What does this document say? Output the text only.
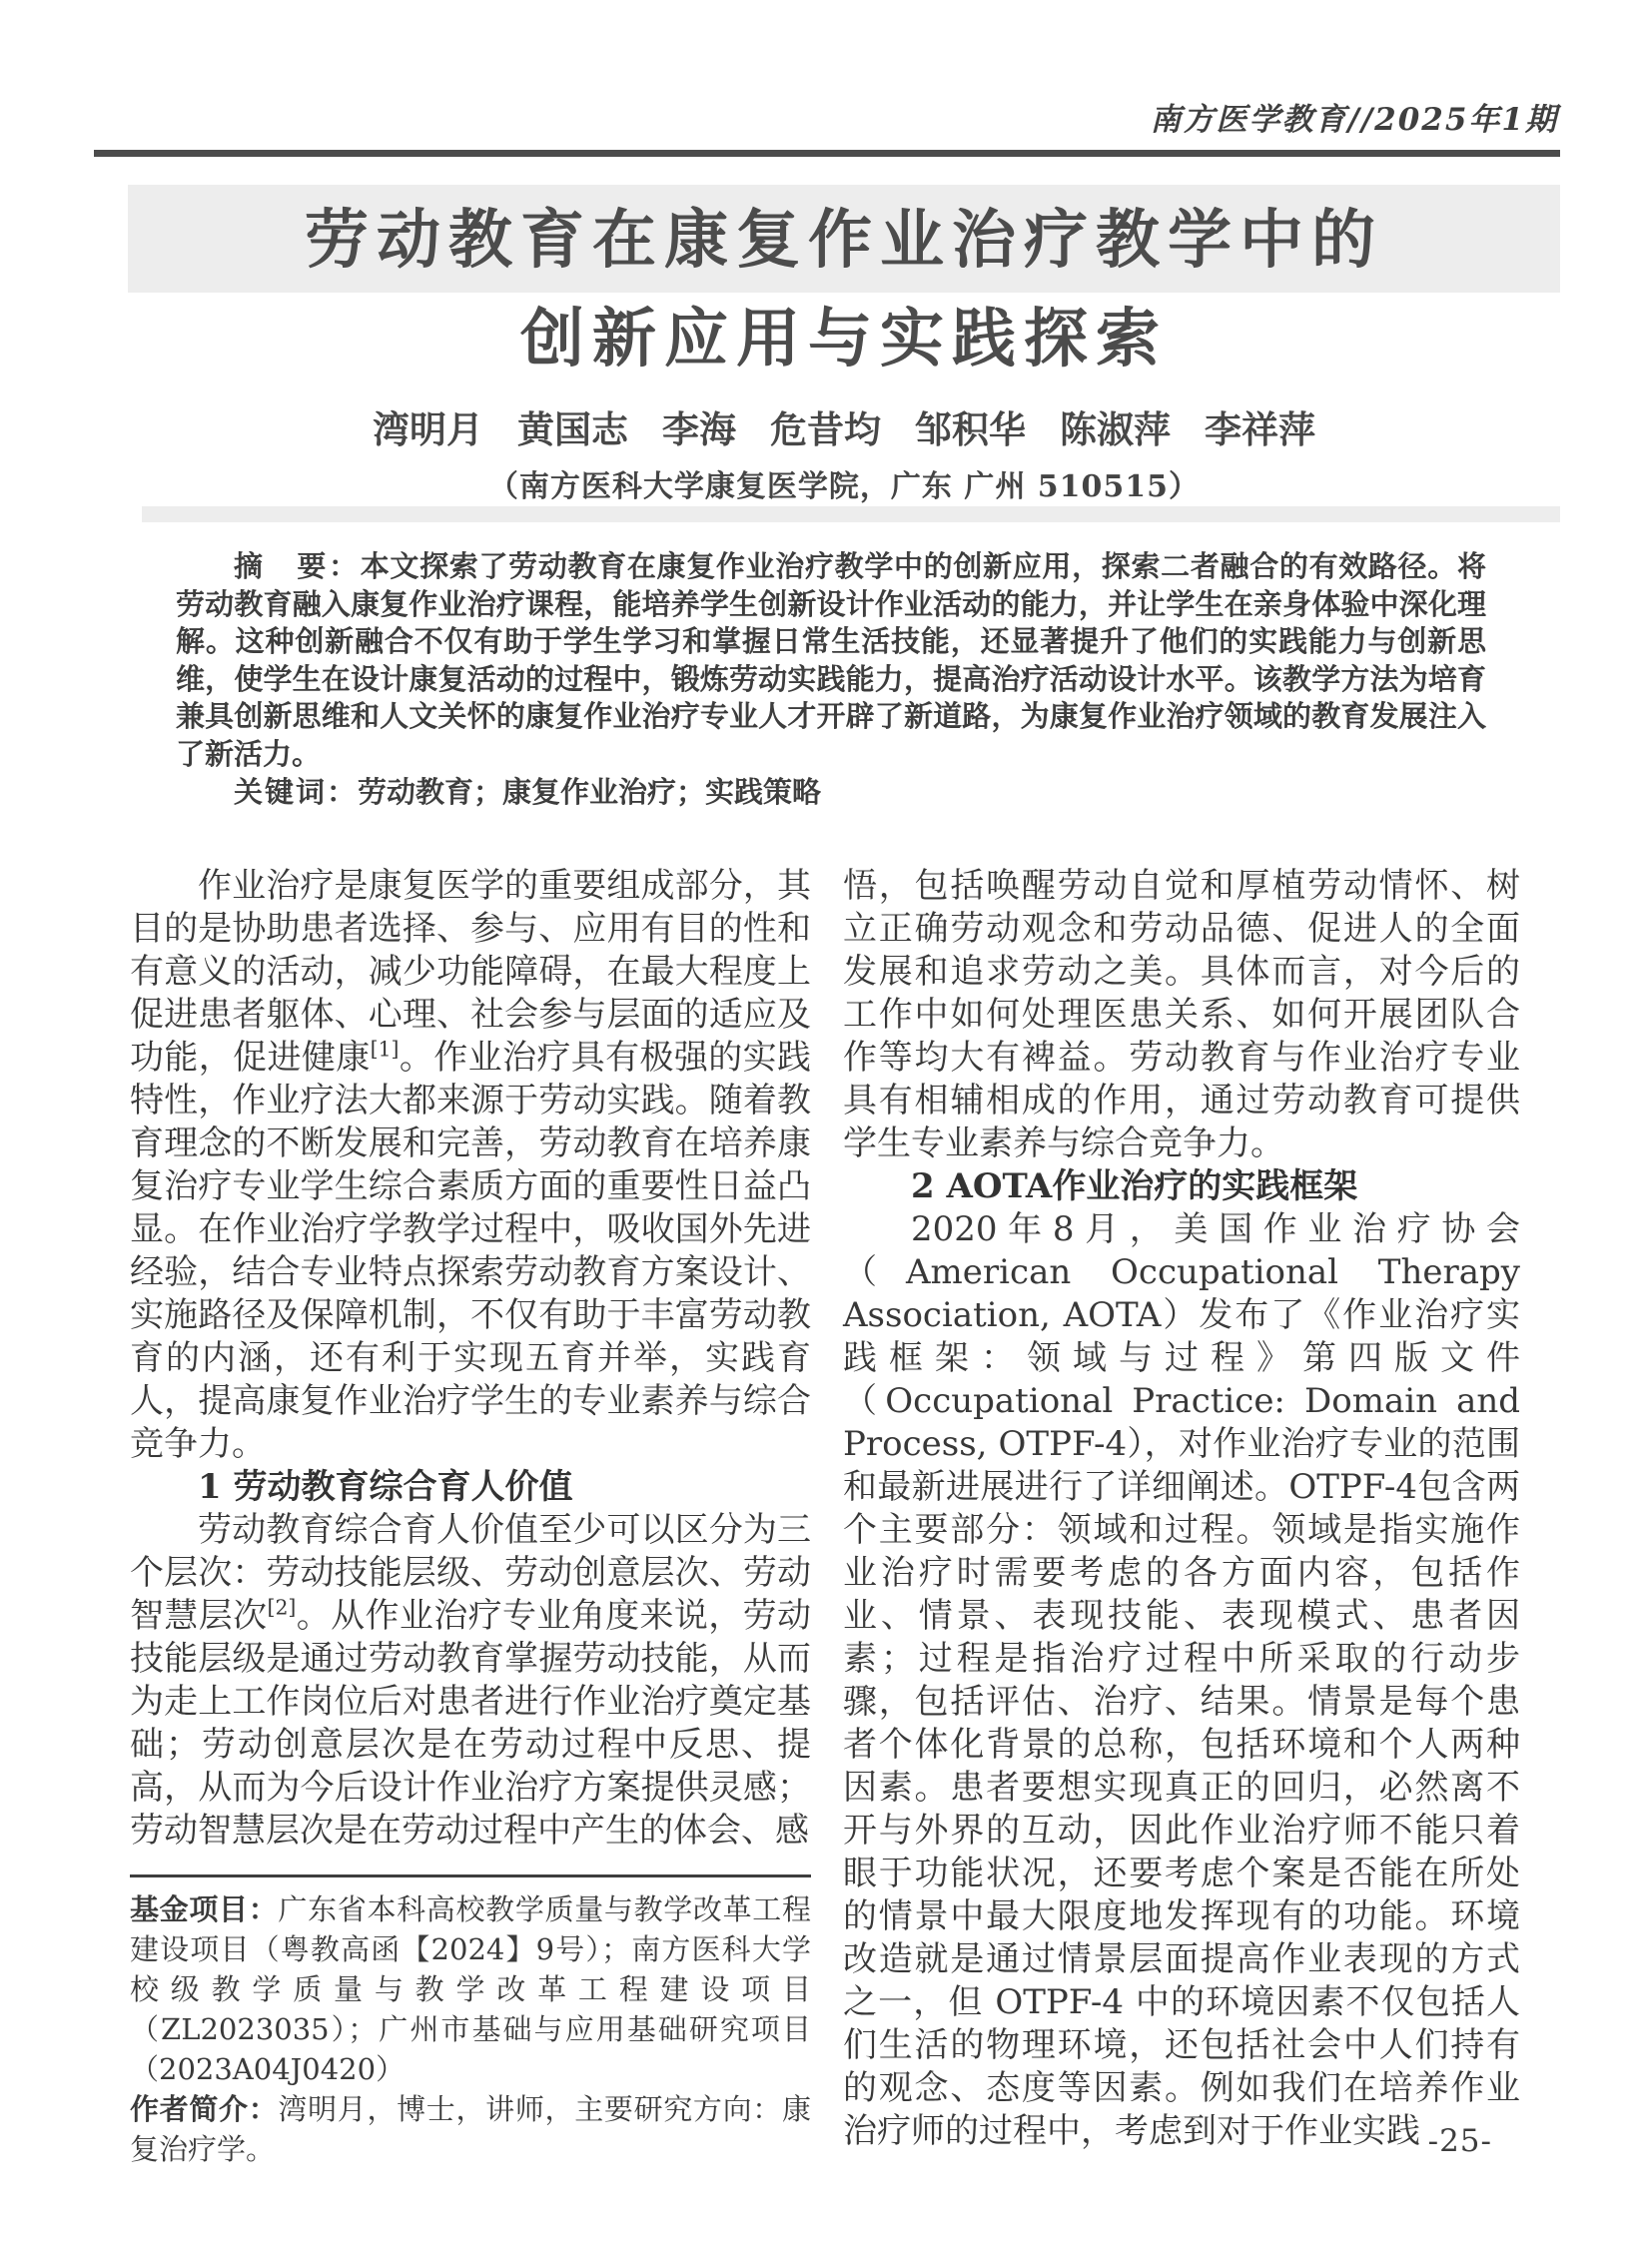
南方医学教育//2025年1期
劳动教育在康复作业治疗教学中的
创新应用与实践探索
湾明月 黄国志 李海 危昔均 邹积华 陈淑萍 李祥萍
（南方医科大学康复医学院，广东 广州 510515）

摘　要：本文探索了劳动教育在康复作业治疗教学中的创新应用，探索二者融合的有效路径。将劳动教育融入康复作业治疗课程，能培养学生创新设计作业活动的能力，并让学生在亲身体验中深化理解。这种创新融合不仅有助于学生学习和掌握日常生活技能，还显著提升了他们的实践能力与创新思维，使学生在设计康复活动的过程中，锻炼劳动实践能力，提高治疗活动设计水平。该教学方法为培育兼具创新思维和人文关怀的康复作业治疗专业人才开辟了新道路，为康复作业治疗领域的教育发展注入了新活力。

关键词：劳动教育；康复作业治疗；实践策略

作业治疗是康复医学的重要组成部分，其目的是协助患者选择、参与、应用有目的性和有意义的活动，减少功能障碍，在最大程度上促进患者躯体、心理、社会参与层面的适应及功能，促进健康[1]。作业治疗具有极强的实践特性，作业疗法大都来源于劳动实践。随着教育理念的不断发展和完善，劳动教育在培养康复治疗专业学生综合素质方面的重要性日益凸显。在作业治疗学教学过程中，吸收国外先进经验，结合专业特点探索劳动教育方案设计、实施路径及保障机制，不仅有助于丰富劳动教育的内涵，还有利于实现五育并举，实践育人，提高康复作业治疗学生的专业素养与综合竞争力。
1 劳动教育综合育人价值
劳动教育综合育人价值至少可以区分为三个层次：劳动技能层级、劳动创意层次、劳动智慧层次[2]。从作业治疗专业角度来说，劳动技能层级是通过劳动教育掌握劳动技能，从而为走上工作岗位后对患者进行作业治疗奠定基础；劳动创意层次是在劳动过程中反思、提高，从而为今后设计作业治疗方案提供灵感；劳动智慧层次是在劳动过程中产生的体会、感
悟，包括唤醒劳动自觉和厚植劳动情怀、树立正确劳动观念和劳动品德、促进人的全面发展和追求劳动之美。具体而言，对今后的工作中如何处理医患关系、如何开展团队合作等均大有裨益。劳动教育与作业治疗专业具有相辅相成的作用，通过劳动教育可提供学生专业素养与综合竞争力。
2 AOTA作业治疗的实践框架
2020年8月，美国作业治疗协会（American Occupational Therapy Association, AOTA）发布了《作业治疗实践框架：领域与过程》第四版文件（Occupational Practice: Domain and Process, OTPF-4），对作业治疗专业的范围和最新进展进行了详细阐述。OTPF-4包含两个主要部分：领域和过程。领域是指实施作业治疗时需要考虑的各方面内容，包括作业、情景、表现技能、表现模式、患者因素；过程是指治疗过程中所采取的行动步骤，包括评估、治疗、结果。情景是每个患者个体化背景的总称，包括环境和个人两种因素。患者要想实现真正的回归，必然离不开与外界的互动，因此作业治疗师不能只着眼于功能状况，还要考虑个案是否能在所处的情景中最大限度地发挥现有的功能。环境改造就是通过情景层面提高作业表现的方式之一，但 OTPF-4 中的环境因素不仅包括人们生活的物理环境，还包括社会中人们持有的观念、态度等因素。例如我们在培养作业治疗师的过程中，考虑到对于作业实践

基金项目：广东省本科高校教学质量与教学改革工程建设项目（粤教高函【2024】9号）；南方医科大学校级教学质量与教学改革工程建设项目（ZL2023035）；广州市基础与应用基础研究项目（2023A04J0420）

作者简介：湾明月，博士，讲师，主要研究方向：康复治疗学。	-25-
